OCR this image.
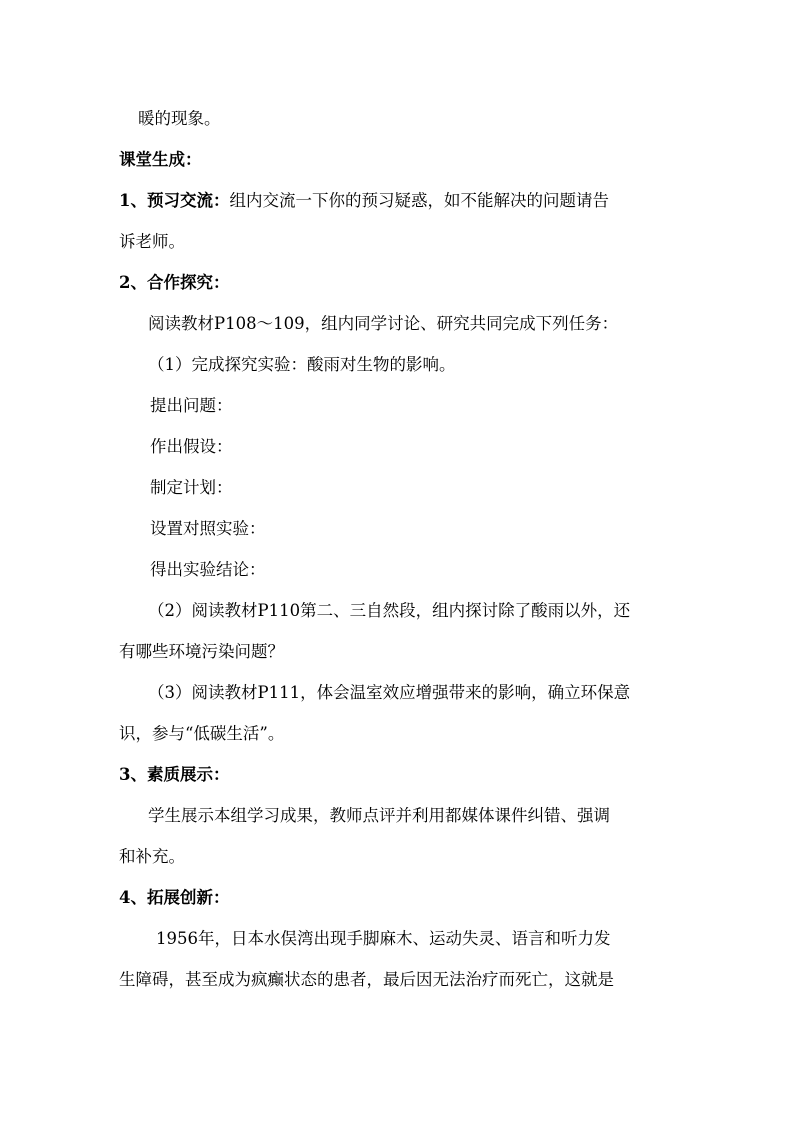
暖的现象。
课堂生成：
1、预习交流：组内交流一下你的预习疑惑，如不能解决的问题请告
诉老师。
2、合作探究：
阅读教材P108～109，组内同学讨论、研究共同完成下列任务：
（1）完成探究实验：酸雨对生物的影响。
提出问题：
作出假设：
制定计划：
设置对照实验：
得出实验结论：
（2）阅读教材P110第二、三自然段，组内探讨除了酸雨以外，还
有哪些环境污染问题？
（3）阅读教材P111，体会温室效应增强带来的影响，确立环保意
识，参与“低碳生活”。
3、素质展示：
学生展示本组学习成果，教师点评并利用都媒体课件纠错、强调
和补充。
4、拓展创新：
1956年，日本水俣湾出现手脚麻木、运动失灵、语言和听力发
生障碍，甚至成为疯癫状态的患者，最后因无法治疗而死亡，这就是
